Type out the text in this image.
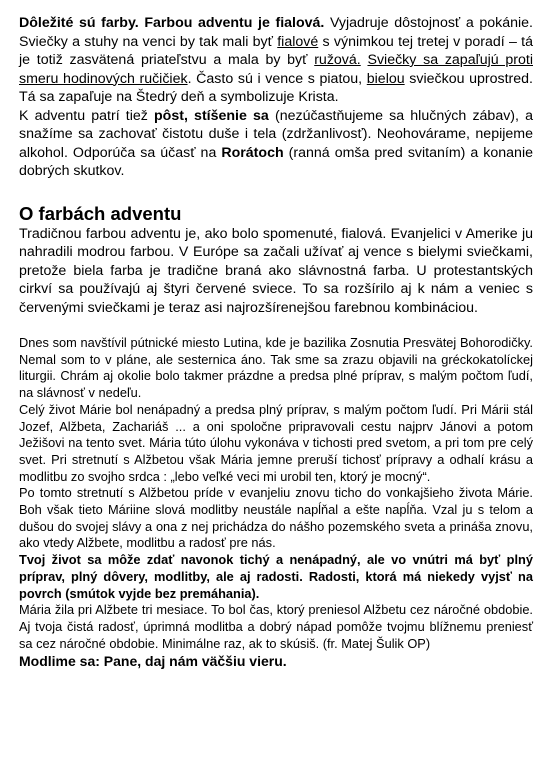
Dôležité sú farby. Farbou adventu je fialová. Vyjadruje dôstojnosť a pokánie. Sviečky a stuhy na venci by tak mali byť fialové s výnimkou tej tretej v poradí – tá je totiž zasvätená priateľstvu a mala by byť ružová. Sviečky sa zapaľujú proti smeru hodinových ručičiek. Často sú i vence s piatou, bielou sviečkou uprostred. Tá sa zapaľuje na Štedrý deň a symbolizuje Krista.

K adventu patrí tiež pôst, stíšenie sa (nezúčastňujeme sa hlučných zábav), a snažíme sa zachovať čistotu duše i tela (zdržanlivosť). Neohovárame, nepijeme alkohol. Odporúča sa účasť na Rorátoch (ranná omša pred svitaním) a konanie dobrých skutkov.

O farbách adventu

Tradičnou farbou adventu je, ako bolo spomenuté, fialová. Evanjelici v Amerike ju nahradili modrou farbou. V Európe sa začali užívať aj vence s bielymi sviečkami, pretože biela farba je tradične braná ako slávnostná farba. U protestantských cirkví sa používajú aj štyri červené sviece. To sa rozšírilo aj k nám a veniec s červenými sviečkami je teraz asi najrozšírenejšou farebnou kombináciou.

Dnes som navštívil pútnické miesto Lutina, kde je bazilika Zosnutia Presvätej Bohorodičky. Nemal som to v pláne, ale sesternica áno. Tak sme sa zrazu objavili na gréckokatolíckej liturgii. Chrám aj okolie bolo takmer prázdne a predsa plné príprav, s malým počtom ľudí, na slávnosť v nedeľu.

Celý život Márie bol nenápadný a predsa plný príprav, s malým počtom ľudí. Pri Márii stál Jozef, Alžbeta, Zachariáš ... a oni spoločne pripravovali cestu najprv Jánovi a potom Ježišovi na tento svet. Mária túto úlohu vykonáva v tichosti pred svetom, a pri tom pre celý svet. Pri stretnutí s Alžbetou však Mária jemne preruší tichosť prípravy a odhalí krásu a modlitbu zo svojho srdca : „lebo veľké veci mi urobil ten, ktorý je mocný“.

Po tomto stretnutí s Alžbetou príde v evanjeliu znovu ticho do vonkajšieho života Márie. Boh však tieto Máriine slová modlitby neustále napĺňal a ešte napĺňa. Vzal ju s telom a dušou do svojej slávy a ona z nej prichádza do nášho pozemského sveta a prináša znovu, ako vtedy Alžbete, modlitbu a radosť pre nás.

Tvoj život sa môže zdať navonok tichý a nenápadný, ale vo vnútri má byť plný príprav, plný dôvery, modlitby, ale aj radosti. Radosti, ktorá má niekedy vyjsť na povrch (smútok vyjde bez premáhania).

Mária žila pri Alžbete tri mesiace. To bol čas, ktorý preniesol Alžbetu cez náročné obdobie. Aj tvoja čistá radosť, úprimná modlitba a dobrý nápad pomôže tvojmu blížnemu preniesť sa cez náročné obdobie. Minimálne raz, ak to skúsiš. (fr. Matej Šulik OP)

Modlime sa: Pane, daj nám väčšiu vieru.
